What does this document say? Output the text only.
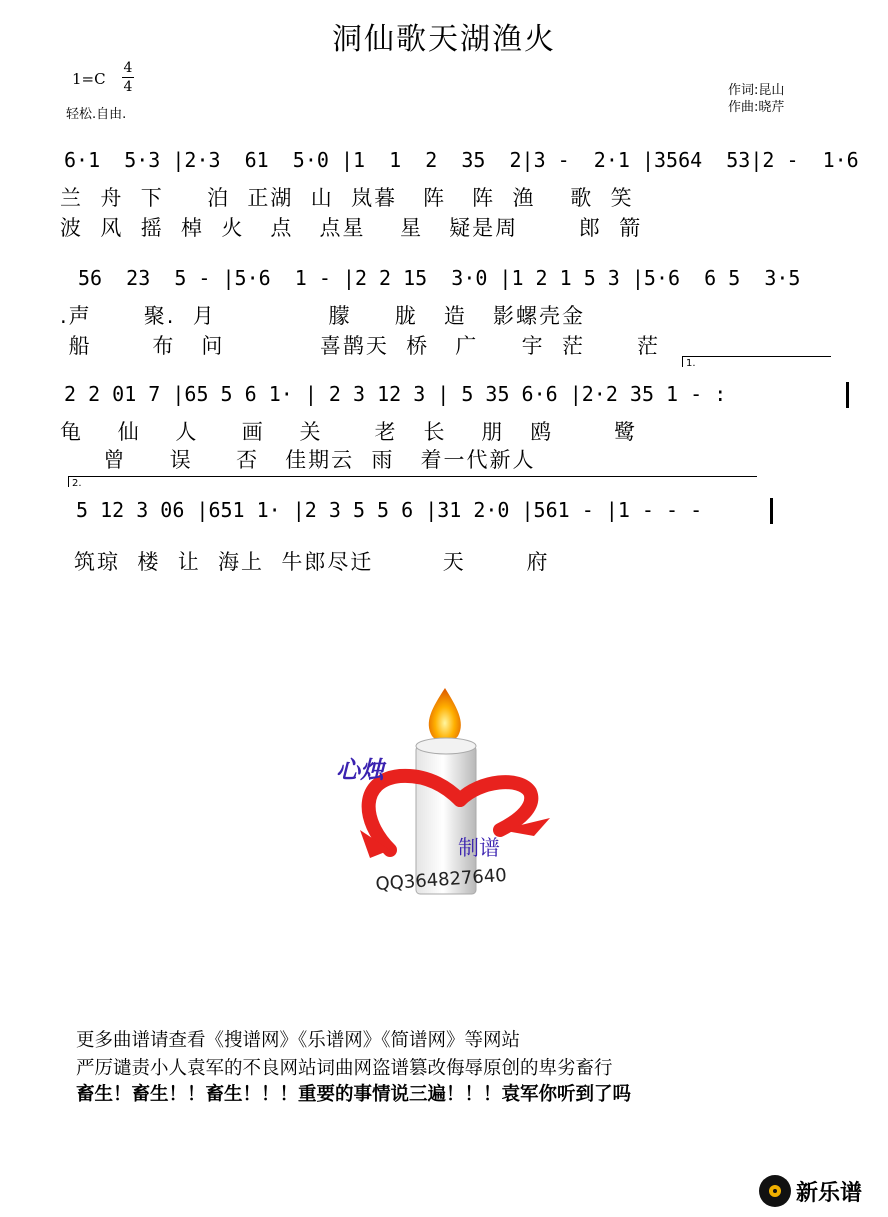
洞仙歌天湖渔火
1=C
4
4
轻松.自由.
作词:昆山
作曲:晓芹
6·1  5·3 |2·3  61  5·0 |1  1  2  35  2|3 -  2·1 |3564  53|2 -  1·6
兰  舟  下     泊  正湖  山  岚暮   阵   阵  渔    歌  笑
波  风  摇  棹  火   点   点星    星   疑是周       郎  箭
56  23  5 - |5·6  1 - |2 2 15  3·0 |1 2 1 5 3 |5·6  6 5  3·5
.声      聚.  月             朦     胧   造   影螺壳金
船       布   问           喜鹊天  桥   广     宇  茫      茫
1.
2 2 01 7 |65 5 6 1· | 2 3 12 3 | 5 35 6·6 |2·2 35 1 - :
龟    仙    人     画    关      老   长    朋   鸥       鹭
曾     误     否   佳期云  雨   着一代新人
2.
5 12 3 06 |651 1· |2 3 5 5 6 |31 2·0 |561 - |1 - - -
筑琼  楼  让  海上  牛郎尽迁        天       府
心烛
制谱
QQ364827640
更多曲谱请查看《搜谱网》《乐谱网》《简谱网》等网站
严厉谴责小人袁军的不良网站词曲网盗谱篡改侮辱原创的卑劣畜行
畜生！畜生！！畜生！！！重要的事情说三遍！！！袁军你听到了吗
新乐谱
